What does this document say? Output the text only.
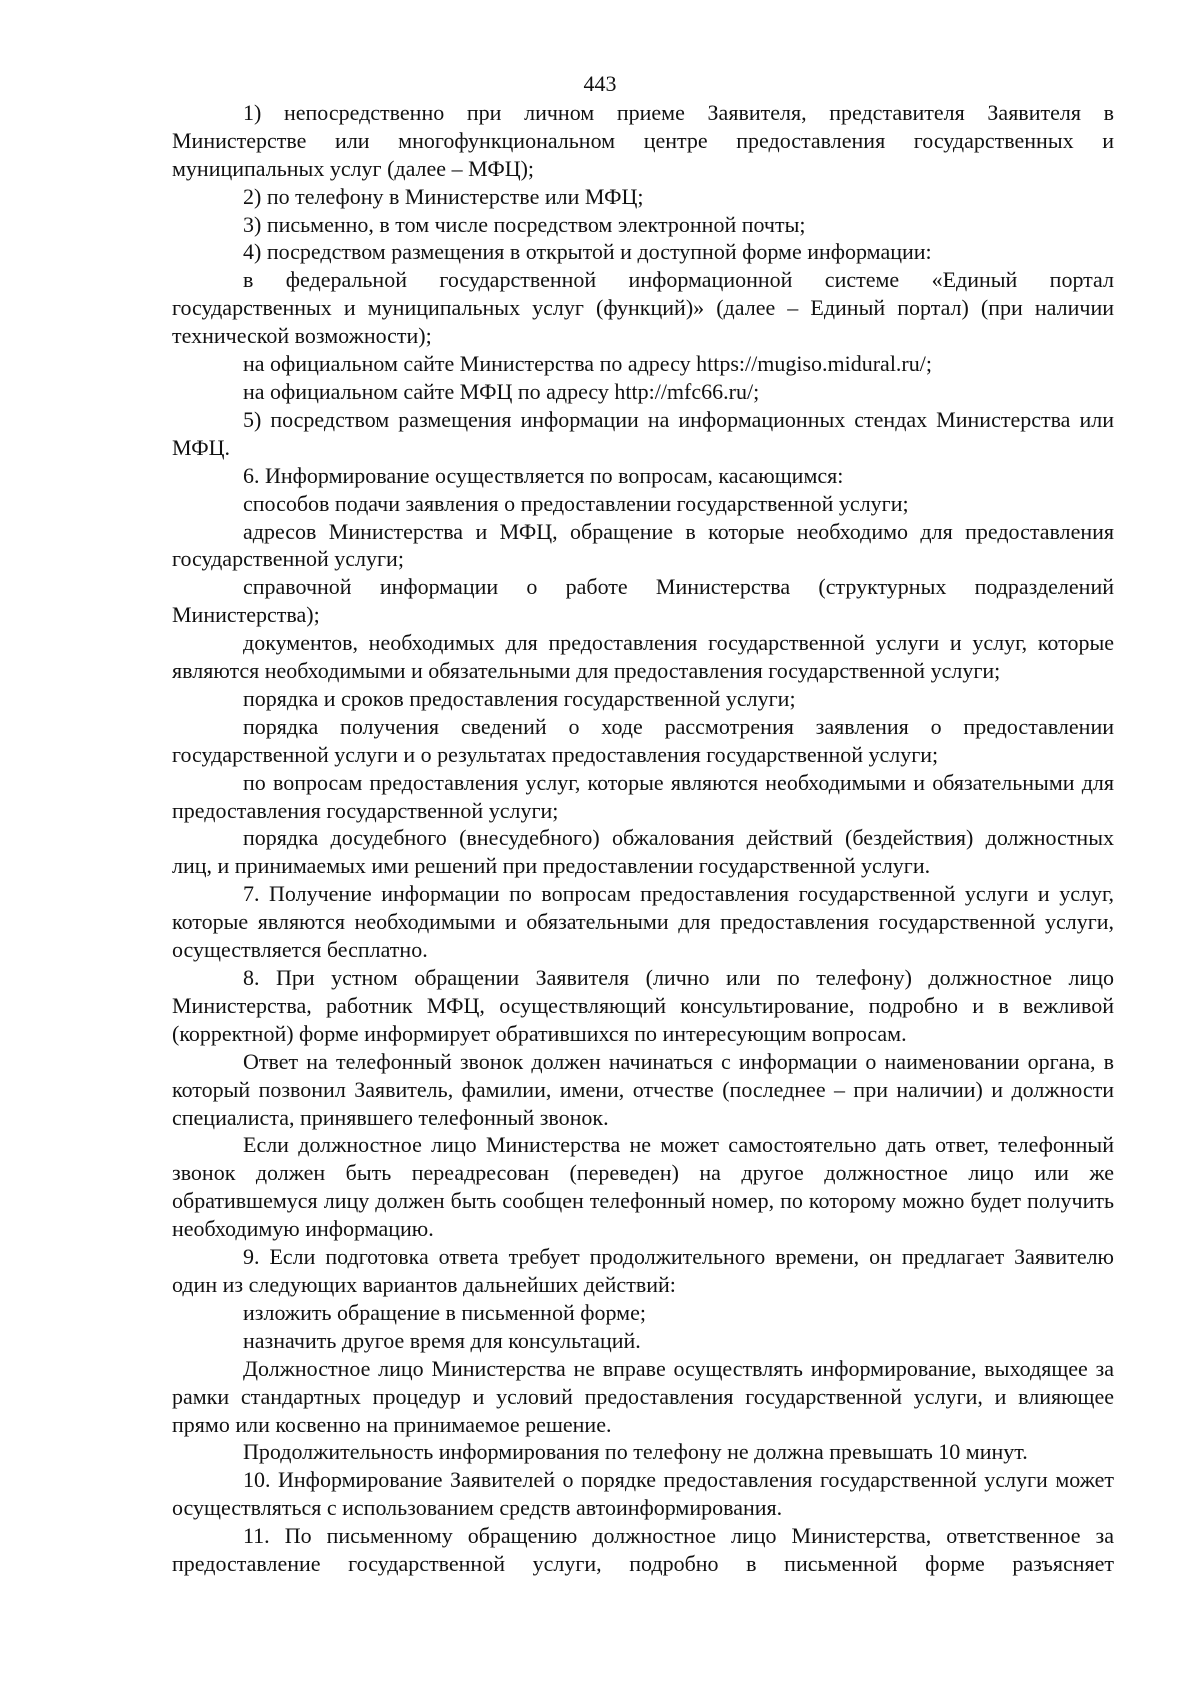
443

1) непосредственно при личном приеме Заявителя, представителя Заявителя в Министерстве или многофункциональном центре предоставления государственных и муниципальных услуг (далее – МФЦ);

2) по телефону в Министерстве или МФЦ;

3) письменно, в том числе посредством электронной почты;

4) посредством размещения в открытой и доступной форме информации:

в федеральной государственной информационной системе «Единый портал государственных и муниципальных услуг (функций)» (далее – Единый портал) (при наличии технической возможности);

на официальном сайте Министерства по адресу https://mugiso.midural.ru/;

на официальном сайте МФЦ по адресу http://mfc66.ru/;

5) посредством размещения информации на информационных стендах Министерства или МФЦ.

6. Информирование осуществляется по вопросам, касающимся:

способов подачи заявления о предоставлении государственной услуги;

адресов Министерства и МФЦ, обращение в которые необходимо для предоставления государственной услуги;

справочной информации о работе Министерства (структурных подразделений Министерства);

документов, необходимых для предоставления государственной услуги и услуг, которые являются необходимыми и обязательными для предоставления государственной услуги;

порядка и сроков предоставления государственной услуги;

порядка получения сведений о ходе рассмотрения заявления о предоставлении государственной услуги и о результатах предоставления государственной услуги;

по вопросам предоставления услуг, которые являются необходимыми и обязательными для предоставления государственной услуги;

порядка досудебного (внесудебного) обжалования действий (бездействия) должностных лиц, и принимаемых ими решений при предоставлении государственной услуги.

7. Получение информации по вопросам предоставления государственной услуги и услуг, которые являются необходимыми и обязательными для предоставления государственной услуги, осуществляется бесплатно.

8. При устном обращении Заявителя (лично или по телефону) должностное лицо Министерства, работник МФЦ, осуществляющий консультирование, подробно и в вежливой (корректной) форме информирует обратившихся по интересующим вопросам.

Ответ на телефонный звонок должен начинаться с информации о наименовании органа, в который позвонил Заявитель, фамилии, имени, отчестве (последнее – при наличии) и должности специалиста, принявшего телефонный звонок.

Если должностное лицо Министерства не может самостоятельно дать ответ, телефонный звонок должен быть переадресован (переведен) на другое должностное лицо или же обратившемуся лицу должен быть сообщен телефонный номер, по которому можно будет получить необходимую информацию.

9. Если подготовка ответа требует продолжительного времени, он предлагает Заявителю один из следующих вариантов дальнейших действий:

изложить обращение в письменной форме;

назначить другое время для консультаций.

Должностное лицо Министерства не вправе осуществлять информирование, выходящее за рамки стандартных процедур и условий предоставления государственной услуги, и влияющее прямо или косвенно на принимаемое решение.

Продолжительность информирования по телефону не должна превышать 10 минут.

10. Информирование Заявителей о порядке предоставления государственной услуги может осуществляться с использованием средств автоинформирования.

11. По письменному обращению должностное лицо Министерства, ответственное за предоставление государственной услуги, подробно в письменной форме разъясняет
